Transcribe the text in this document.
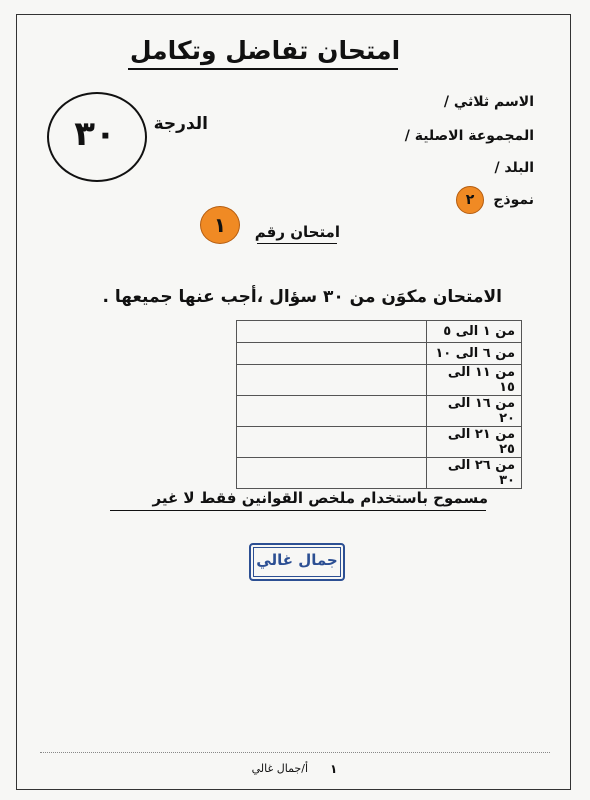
امتحان تفاضل وتكامل
٣٠	الدرجة
الاسم ثلاثي /
المجموعة الاصلية /
البلد /
نموذج
٢
امتحان رقم
١
الامتحان مكوَن من ٣٠ سؤال ،أجب عنها جميعها .
	من ١ الى ٥
	من ٦ الى ١٠
	من ١١ الى ١٥
	من ١٦ الى ٢٠
	من ٢١ الى ٢٥
	من ٢٦ الى ٣٠
مسموح باستخدام ملخص القوانين فقط لا غير
جمال غالي
١
أ/جمال غالي
